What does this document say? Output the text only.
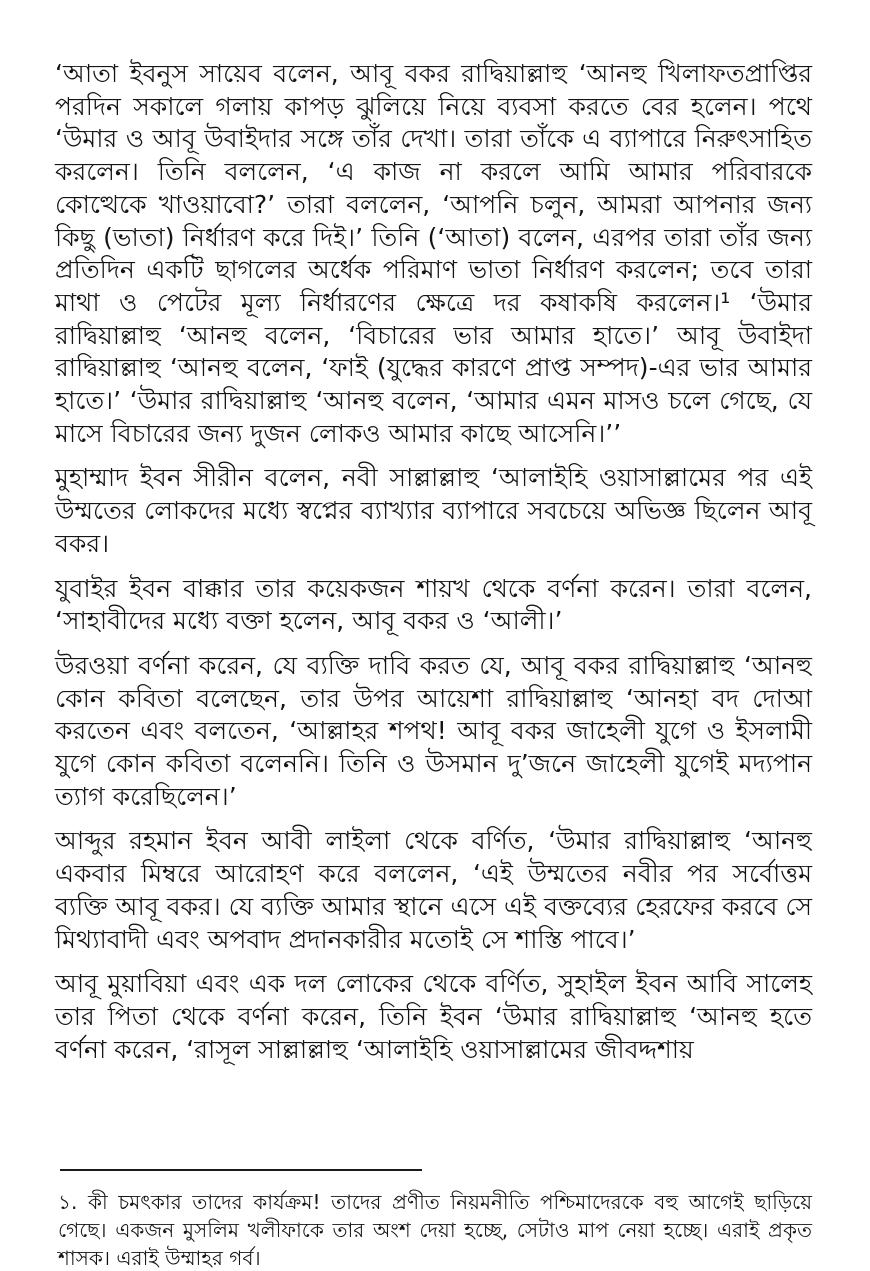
‘আতা ইবনুস সায়েব বলেন, আবূ বকর রাদ্বিয়াল্লাহু ‘আনহু খিলাফতপ্রাপ্তির পরদিন সকালে গলায় কাপড় ঝুলিয়ে নিয়ে ব্যবসা করতে বের হলেন। পথে ‘উমার ও আবূ উবাইদার সঙ্গে তাঁর দেখা। তারা তাঁকে এ ব্যাপারে নিরুৎসাহিত করলেন। তিনি বললেন, ‘এ কাজ না করলে আমি আমার পরিবারকে কোত্থেকে খাওয়াবো?’ তারা বললেন, ‘আপনি চলুন, আমরা আপনার জন্য কিছু (ভাতা) নির্ধারণ করে দিই।’ তিনি (‘আতা) বলেন, এরপর তারা তাঁর জন্য প্রতিদিন একটি ছাগলের অর্ধেক পরিমাণ ভাতা নির্ধারণ করলেন; তবে তারা মাথা ও পেটের মূল্য নির্ধারণের ক্ষেত্রে দর কষাকষি করলেন।¹ ‘উমার রাদ্বিয়াল্লাহু ‘আনহু বলেন, ‘বিচারের ভার আমার হাতে।’ আবূ উবাইদা রাদ্বিয়াল্লাহু ‘আনহু বলেন, ‘ফাই (যুদ্ধের কারণে প্রাপ্ত সম্পদ)-এর ভার আমার হাতে।’ ‘উমার রাদ্বিয়াল্লাহু ‘আনহু বলেন, ‘আমার এমন মাসও চলে গেছে, যে মাসে বিচারের জন্য দুজন লোকও আমার কাছে আসেনি।’’

মুহাম্মাদ ইবন সীরীন বলেন, নবী সাল্লাল্লাহু ‘আলাইহি ওয়াসাল্লামের পর এই উম্মতের লোকদের মধ্যে স্বপ্নের ব্যাখ্যার ব্যাপারে সবচেয়ে অভিজ্ঞ ছিলেন আবূ বকর।

যুবাইর ইবন বাক্কার তার কয়েকজন শায়খ থেকে বর্ণনা করেন। তারা বলেন, ‘সাহাবীদের মধ্যে বক্তা হলেন, আবূ বকর ও ‘আলী।’

উরওয়া বর্ণনা করেন, যে ব্যক্তি দাবি করত যে, আবূ বকর রাদ্বিয়াল্লাহু ‘আনহু কোন কবিতা বলেছেন, তার উপর আয়েশা রাদ্বিয়াল্লাহু ‘আনহা বদ দোআ করতেন এবং বলতেন, ‘আল্লাহর শপথ! আবূ বকর জাহেলী যুগে ও ইসলামী যুগে কোন কবিতা বলেননি। তিনি ও উসমান দু’জনে জাহেলী যুগেই মদ্যপান ত্যাগ করেছিলেন।’

আব্দুর রহমান ইবন আবী লাইলা থেকে বর্ণিত, ‘উমার রাদ্বিয়াল্লাহু ‘আনহু একবার মিম্বরে আরোহণ করে বললেন, ‘এই উম্মতের নবীর পর সর্বোত্তম ব্যক্তি আবূ বকর। যে ব্যক্তি আমার স্থানে এসে এই বক্তব্যের হেরফের করবে সে মিথ্যাবাদী এবং অপবাদ প্রদানকারীর মতোই সে শাস্তি পাবে।’

আবূ মুয়াবিয়া এবং এক দল লোকের থেকে বর্ণিত, সুহাইল ইবন আবি সালেহ তার পিতা থেকে বর্ণনা করেন, তিনি ইবন ‘উমার রাদ্বিয়াল্লাহু ‘আনহু হতে বর্ণনা করেন, ‘রাসূল সাল্লাল্লাহু ‘আলাইহি ওয়াসাল্লামের জীবদ্দশায়

১. কী চমৎকার তাদের কার্যক্রম! তাদের প্রণীত নিয়মনীতি পশ্চিমাদেরকে বহু আগেই ছাড়িয়ে গেছে। একজন মুসলিম খলীফাকে তার অংশ দেয়া হচ্ছে, সেটাও মাপ নেয়া হচ্ছে। এরাই প্রকৃত শাসক। এরাই উম্মাহর গর্ব।
